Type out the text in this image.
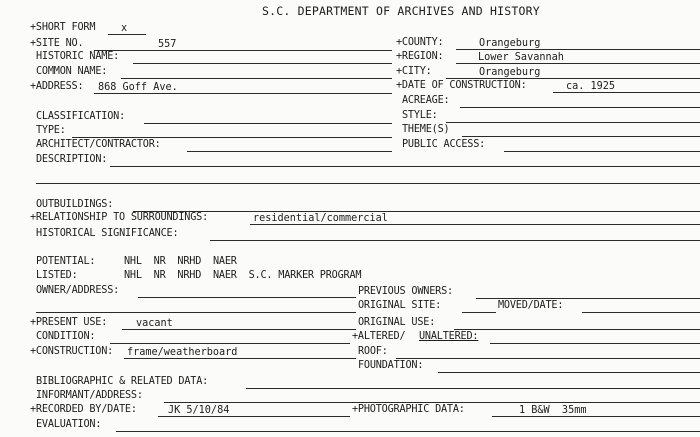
S.C. DEPARTMENT OF ARCHIVES AND HISTORY
+SHORT FORM	x
+SITE NO.	557
HISTORIC NAME:
COMMON NAME:
+ADDRESS: 868 Goff Ave.
CLASSIFICATION:
TYPE:
ARCHITECT/CONTRACTOR:
DESCRIPTION:
OUTBUILDINGS:
+RELATIONSHIP TO SURROUNDINGS:	residential/commercial
HISTORICAL SIGNIFICANCE:
POTENTIAL:	NHL  NR  NRHD  NAER
LISTED:	NHL  NR  NRHD  NAER  S.C. MARKER PROGRAM
OWNER/ADDRESS:
+PRESENT USE:	vacant
CONDITION:
+CONSTRUCTION: frame/weatherboard
BIBLIOGRAPHIC & RELATED DATA:
INFORMANT/ADDRESS:
+RECORDED BY/DATE:	JK 5/10/84
EVALUATION:
+COUNTY:	Orangeburg
+REGION:	Lower Savannah
+CITY:	Orangeburg
+DATE OF CONSTRUCTION:	ca. 1925
ACREAGE:
STYLE:
THEME(S)
PUBLIC ACCESS:
PREVIOUS OWNERS:
ORIGINAL SITE:	MOVED/DATE:
ORIGINAL USE:
+ALTERED/ UNALTERED:
ROOF:
FOUNDATION:
+PHOTOGRAPHIC DATA:	1 B&W  35mm
